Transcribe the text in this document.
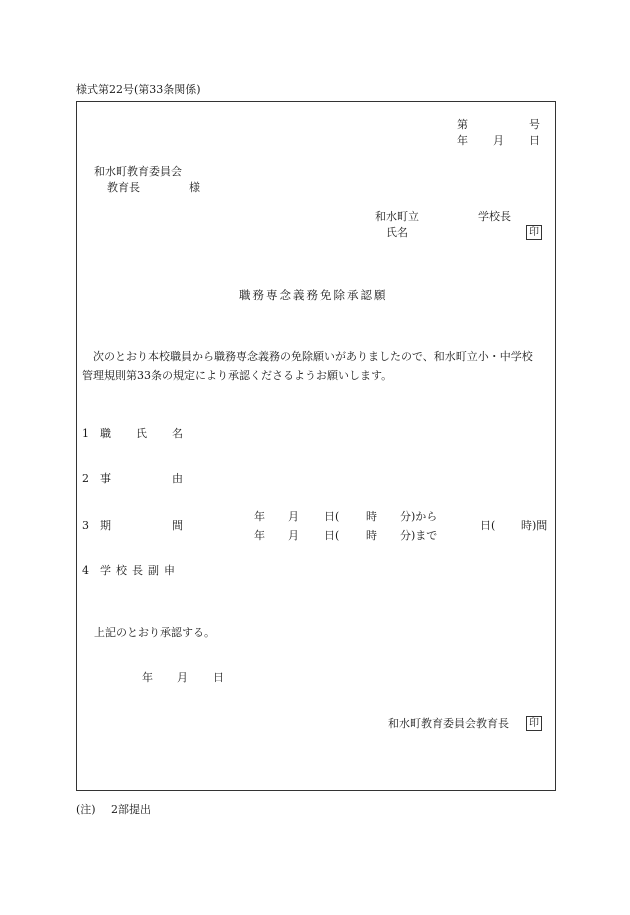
様式第22号(第33条関係)
第	号
年 月 日
和水町教育委員会
教育長	様
和水町立	学校長
氏名	印
職務専念義務免除承認願
次のとおり本校職員から職務専念義務の免除願いがありましたので、和水町立小・中学校管理規則第33条の規定により承認くださるようお願いします。
1 職 氏 名
2 事	由
3 期	間
年 月 日( 時 分)から
年 月 日( 時 分)まで
日( 時)間
4 学校長副申
上記のとおり承認する。
年 月 日
和水町教育委員会教育長	印
(注) 2部提出
